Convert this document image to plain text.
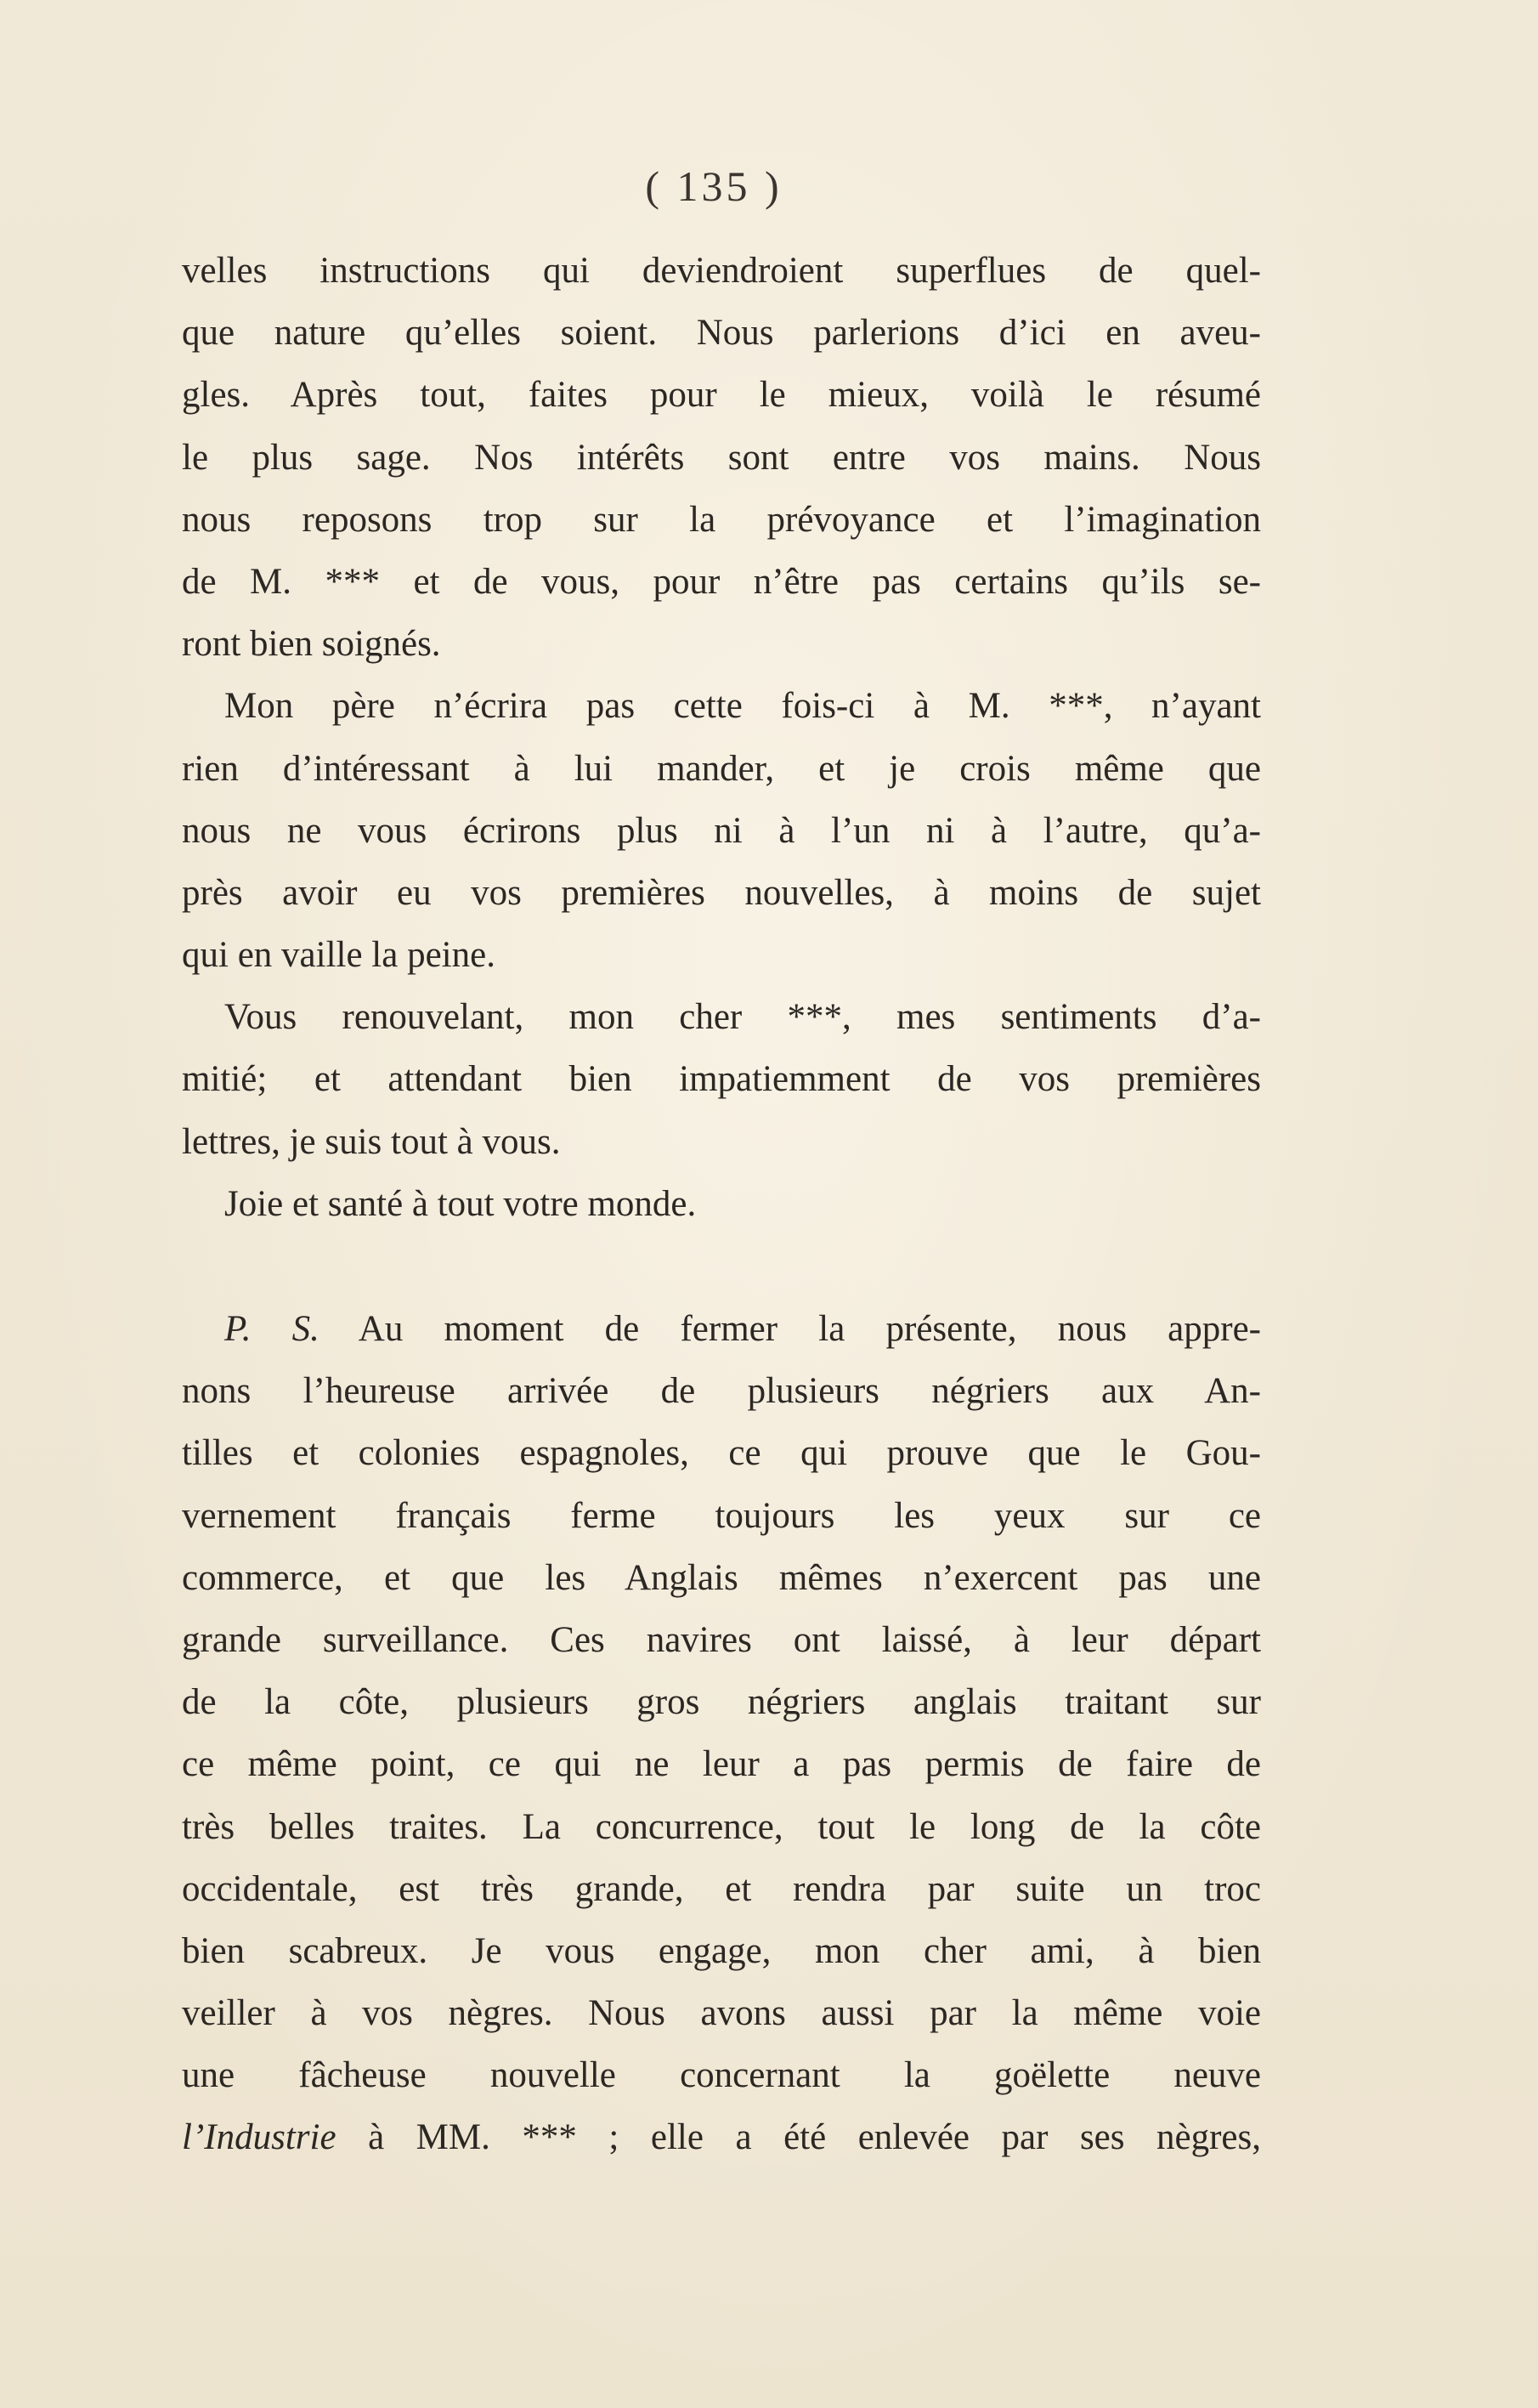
( 135 )
velles instructions qui deviendroient superflues de quel-
que nature qu’elles soient. Nous parlerions d’ici en aveu-
gles. Après tout, faites pour le mieux, voilà le résumé
le plus sage. Nos intérêts sont entre vos mains. Nous
nous reposons trop sur la prévoyance et l’imagination
de M. *** et de vous, pour n’être pas certains qu’ils se-
ront bien soignés.
Mon père n’écrira pas cette fois-ci à M. ***, n’ayant
rien d’intéressant à lui mander, et je crois même que
nous ne vous écrirons plus ni à l’un ni à l’autre, qu’a-
près avoir eu vos premières nouvelles, à moins de sujet
qui en vaille la peine.
Vous renouvelant, mon cher ***, mes sentiments d’a-
mitié; et attendant bien impatiemment de vos premières
lettres, je suis tout à vous.
Joie et santé à tout votre monde.
P. S. Au moment de fermer la présente, nous appre-
nons l’heureuse arrivée de plusieurs négriers aux An-
tilles et colonies espagnoles, ce qui prouve que le Gou-
vernement français ferme toujours les yeux sur ce
commerce, et que les Anglais mêmes n’exercent pas une
grande surveillance. Ces navires ont laissé, à leur départ
de la côte, plusieurs gros négriers anglais traitant sur
ce même point, ce qui ne leur a pas permis de faire de
très belles traites. La concurrence, tout le long de la côte
occidentale, est très grande, et rendra par suite un troc
bien scabreux. Je vous engage, mon cher ami, à bien
veiller à vos nègres. Nous avons aussi par la même voie
une fâcheuse nouvelle concernant la goëlette neuve
l’Industrie à MM. *** ; elle a été enlevée par ses nègres,
